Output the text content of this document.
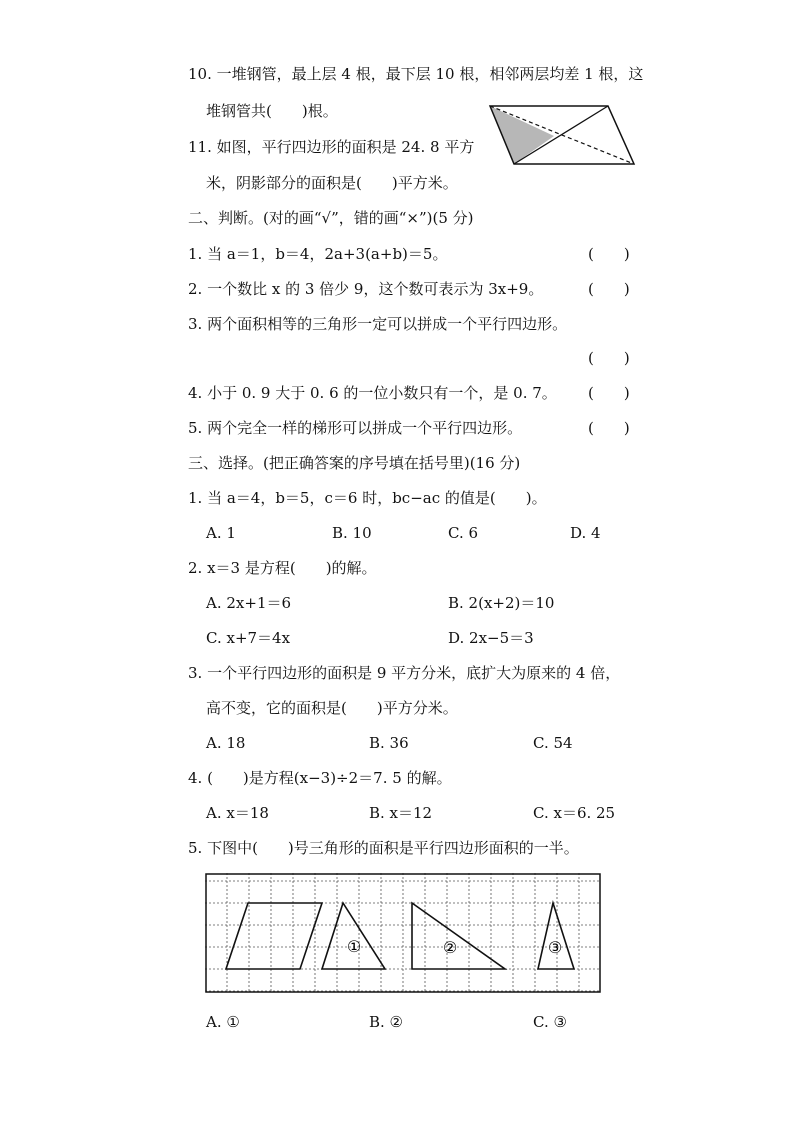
10. 一堆钢管，最上层 4 根，最下层 10 根，相邻两层均差 1 根，这
堆钢管共(　　)根。
11. 如图，平行四边形的面积是 24. 8 平方
米，阴影部分的面积是(　　)平方米。
二、判断。(对的画“√”，错的画“×”)(5 分)
1. 当 a＝1，b＝4，2a+3(a+b)＝5。	(　　)
2. 一个数比 x 的 3 倍少 9，这个数可表示为 3x+9。	(　　)
3. 两个面积相等的三角形一定可以拼成一个平行四边形。
(　　)
4. 小于 0. 9 大于 0. 6 的一位小数只有一个，是 0. 7。 (　　)
5. 两个完全一样的梯形可以拼成一个平行四边形。	(　　)
三、选择。(把正确答案的序号填在括号里)(16 分)
1. 当 a＝4，b＝5，c＝6 时，bc−ac 的值是(　　)。
A. 1	B. 10	C. 6	D. 4
2. x＝3 是方程(　　)的解。
A. 2x+1＝6	B. 2(x+2)＝10
C. x+7＝4x	D. 2x−5＝3
3. 一个平行四边形的面积是 9 平方分米，底扩大为原来的 4 倍，
高不变，它的面积是(　　)平方分米。
A. 18	B. 36	C. 54
4. (　　)是方程(x−3)÷2＝7. 5 的解。
A. x＝18	B. x＝12	C. x＝6. 25
5. 下图中(　　)号三角形的面积是平行四边形面积的一半。
①	②	③
A. ①	B. ②	C. ③
